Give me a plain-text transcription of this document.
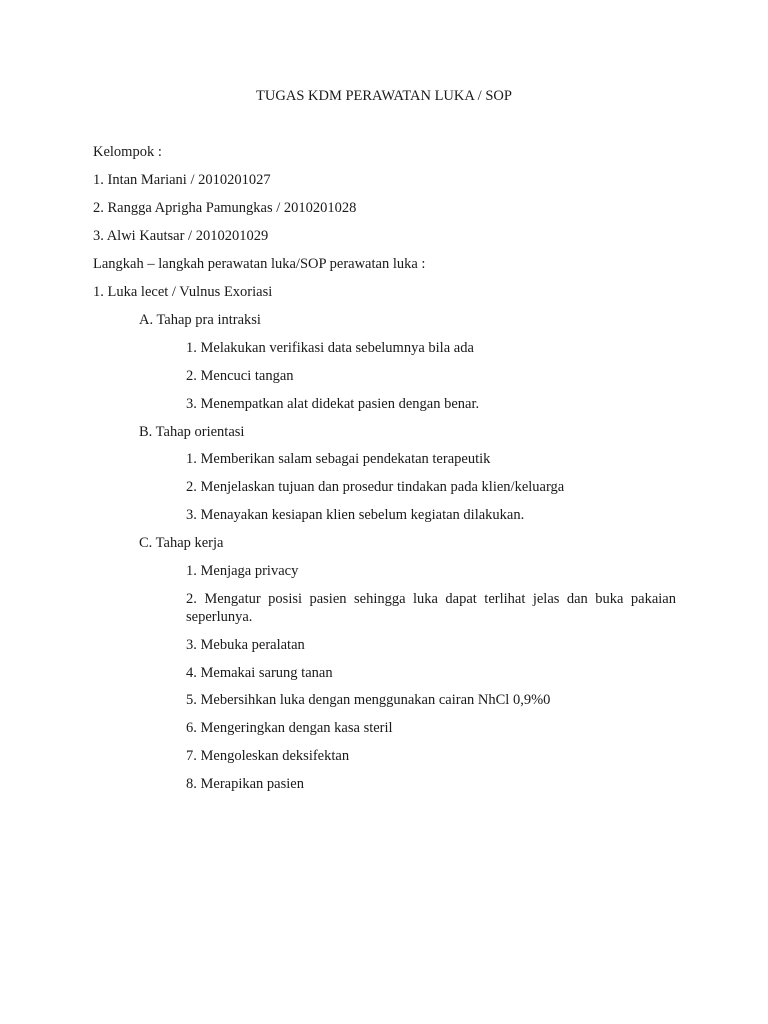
TUGAS KDM PERAWATAN LUKA / SOP
Kelompok :
1. Intan Mariani / 2010201027
2. Rangga Aprigha Pamungkas / 2010201028
3. Alwi Kautsar / 2010201029
Langkah – langkah perawatan luka/SOP perawatan luka :
1. Luka lecet / Vulnus Exoriasi
A. Tahap pra intraksi
1. Melakukan verifikasi data sebelumnya bila ada
2. Mencuci tangan
3. Menempatkan alat didekat pasien dengan benar.
B. Tahap orientasi
1. Memberikan salam sebagai pendekatan terapeutik
2. Menjelaskan tujuan dan prosedur tindakan pada klien/keluarga
3. Menayakan kesiapan klien sebelum kegiatan dilakukan.
C. Tahap kerja
1. Menjaga privacy
2. Mengatur posisi pasien sehingga luka dapat terlihat jelas dan buka pakaian
seperlunya.
3. Mebuka peralatan
4. Memakai sarung tanan
5. Mebersihkan luka dengan menggunakan cairan NhCl 0,9%0
6. Mengeringkan dengan kasa steril
7. Mengoleskan deksifektan
8. Merapikan pasien
